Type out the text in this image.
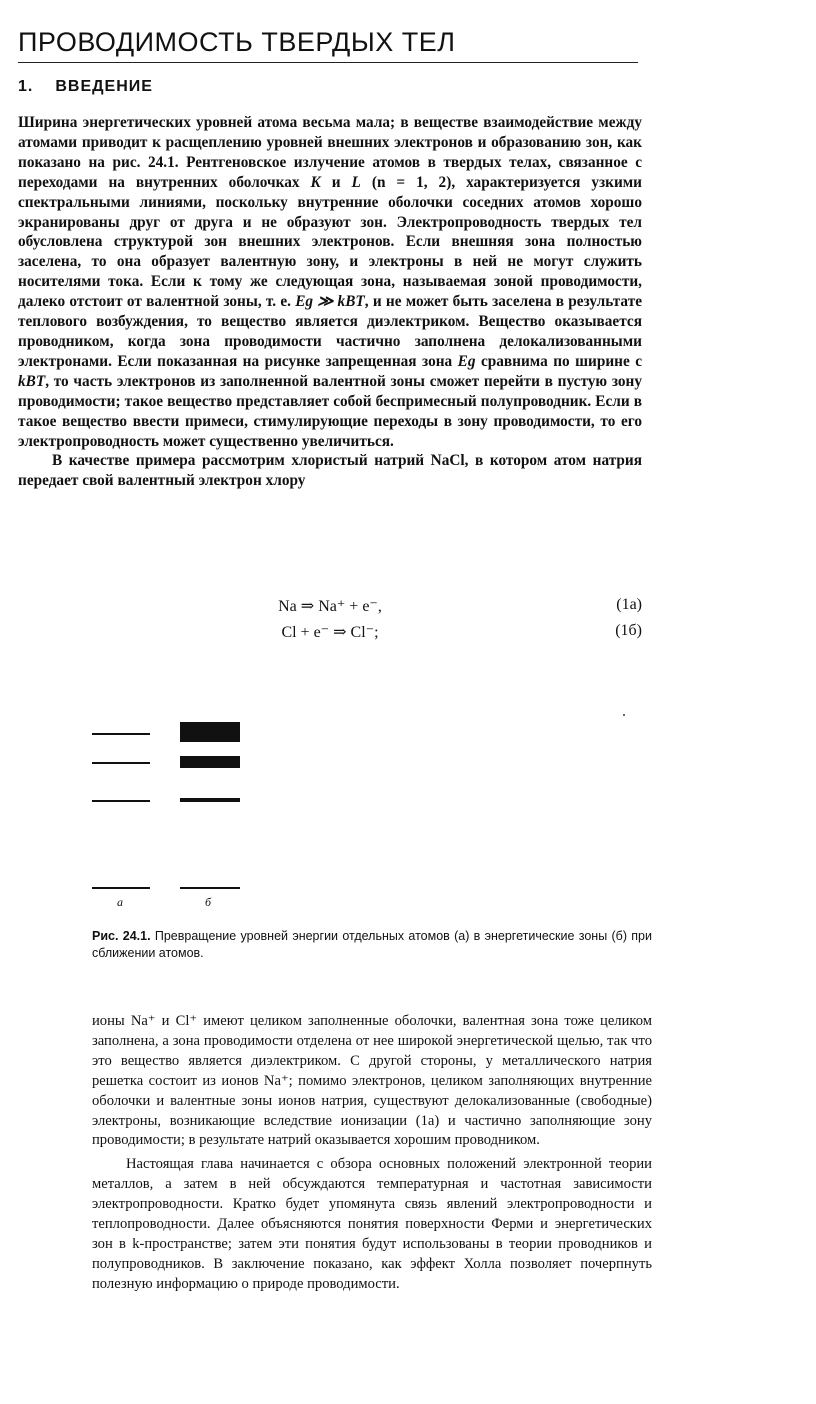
ПРОВОДИМОСТЬ ТВЕРДЫХ ТЕЛ
1. ВВЕДЕНИЕ

Ширина энергетических уровней атома весьма мала; в веществе взаимодействие между атомами приводит к расщеплению уровней внешних электронов и образованию зон, как показано на рис. 24.1. Рентгеновское излучение атомов в твердых телах, связанное с переходами на внутренних оболочках K и L (n = 1, 2), характеризуется узкими спектральными линиями, поскольку внутренние оболочки соседних атомов хорошо экранированы друг от друга и не образуют зон. Электропроводность твердых тел обусловлена структурой зон внешних электронов. Если внешняя зона полностью заселена, то она образует валентную зону, и электроны в ней не могут служить носителями тока. Если к тому же следующая зона, называемая зоной проводимости, далеко отстоит от валентной зоны, т. е. Eg ≫ kBT, и не может быть заселена в результате теплового возбуждения, то вещество является диэлектриком. Вещество оказывается проводником, когда зона проводимости частично заполнена делокализованными электронами. Если показанная на рисунке запрещенная зона Eg сравнима по ширине с kBT, то часть электронов из заполненной валентной зоны сможет перейти в пустую зону проводимости; такое вещество представляет собой беспримесный полупроводник. Если в такое вещество ввести примеси, стимулирующие переходы в зону проводимости, то его электропроводность может существенно увеличиться.

В качестве примера рассмотрим хлористый натрий NaCl, в котором атом натрия передает свой валентный электрон хлору

Na ⇒ Na⁺ + e⁻,	(1а)
Cl + e⁻ ⇒ Cl⁻;	(1б)
а	б
Рис. 24.1. Превращение уровней энергии отдельных атомов (а) в энергетические зоны (б) при сближении атомов.

ионы Na⁺ и Cl⁺ имеют целиком заполненные оболочки, валентная зона тоже целиком заполнена, а зона проводимости отделена от нее широкой энергетической щелью, так что это вещество является диэлектриком. С другой стороны, у металлического натрия решетка состоит из ионов Na⁺; помимо электронов, целиком заполняющих внутренние оболочки и валентные зоны ионов натрия, существуют делокализованные (свободные) электроны, возникающие вследствие ионизации (1а) и частично заполняющие зону проводимости; в результате натрий оказывается хорошим проводником.

Настоящая глава начинается с обзора основных положений электронной теории металлов, а затем в ней обсуждаются температурная и частотная зависимости электропроводности. Кратко будет упомянута связь явлений электропроводности и теплопроводности. Далее объясняются понятия поверхности Ферми и энергетических зон в k-пространстве; затем эти понятия будут использованы в теории проводников и полупроводников. В заключение показано, как эффект Холла позволяет почерпнуть полезную информацию о природе проводимости.
